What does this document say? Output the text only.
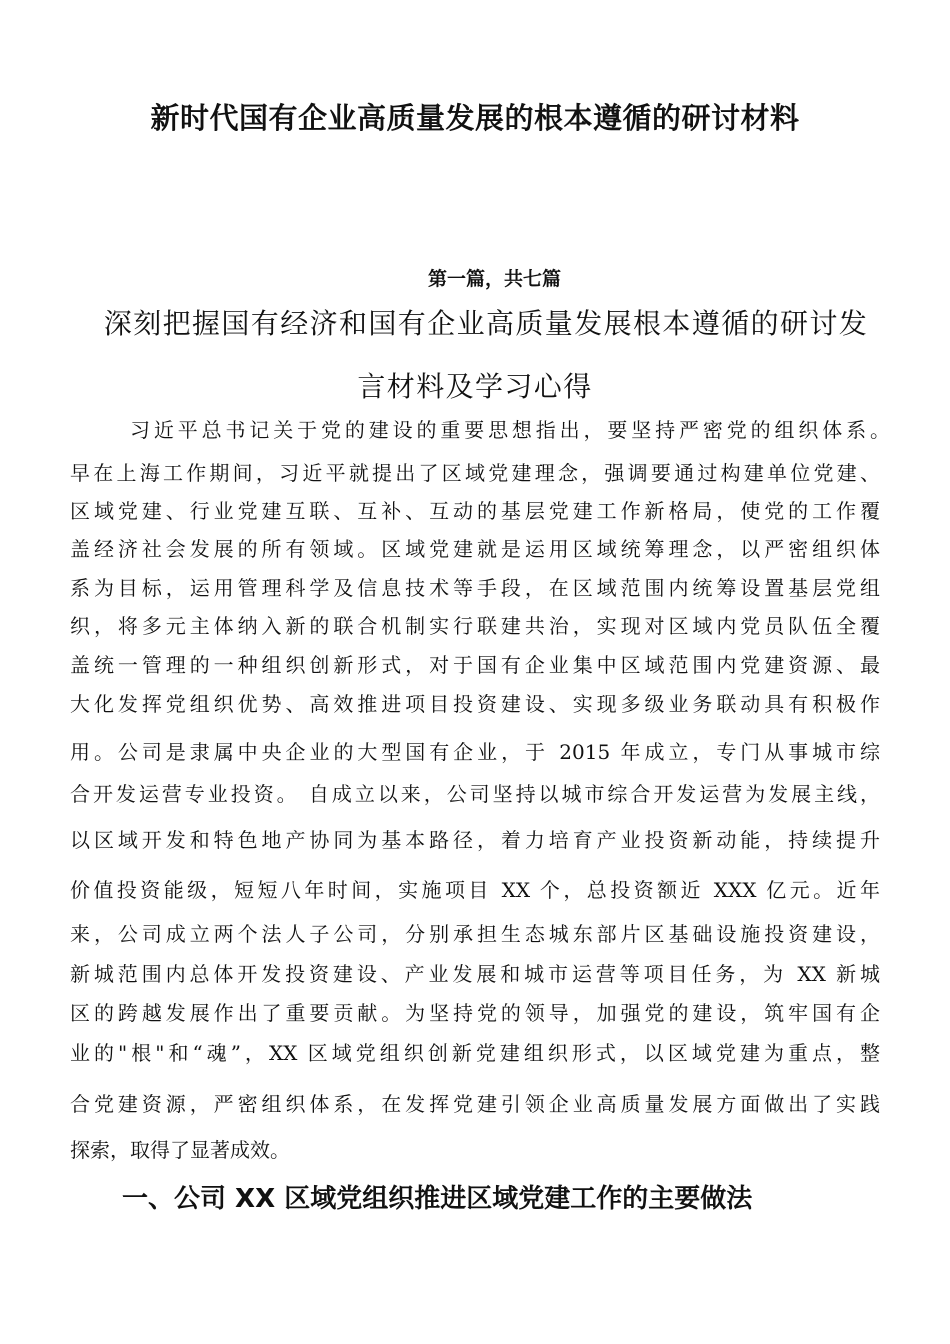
新时代国有企业高质量发展的根本遵循的研讨材料
第一篇，共七篇
深刻把握国有经济和国有企业高质量发展根本遵循的研讨发
言材料及学习心得
习近平总书记关于党的建设的重要思想指出，要坚持严密党的组织体系。
早在上海工作期间，习近平就提出了区域党建理念，强调要通过构建单位党建、
区域党建、行业党建互联、互补、互动的基层党建工作新格局，使党的工作覆
盖经济社会发展的所有领域。区域党建就是运用区域统筹理念，以严密组织体
系为目标，运用管理科学及信息技术等手段，在区域范围内统筹设置基层党组
织，将多元主体纳入新的联合机制实行联建共治，实现对区域内党员队伍全覆
盖统一管理的一种组织创新形式，对于国有企业集中区域范围内党建资源、最
大化发挥党组织优势、高效推进项目投资建设、实现多级业务联动具有积极作
用。公司是隶属中央企业的大型国有企业，于 2015 年成立，专门从事城市综
合开发运营专业投资。 自成立以来，公司坚持以城市综合开发运营为发展主线，
以区域开发和特色地产协同为基本路径，着力培育产业投资新动能，持续提升
价值投资能级，短短八年时间，实施项目 XX 个，总投资额近 XXX 亿元。近年
来，公司成立两个法人子公司，分别承担生态城东部片区基础设施投资建设，
新城范围内总体开发投资建设、产业发展和城市运营等项目任务，为 XX 新城
区的跨越发展作出了重要贡献。为坚持党的领导，加强党的建设，筑牢国有企
业的"根"和“魂”，XX 区域党组织创新党建组织形式，以区域党建为重点，整
合党建资源，严密组织体系，在发挥党建引领企业高质量发展方面做出了实践
探索，取得了显著成效。
一、公司 XX 区域党组织推进区域党建工作的主要做法
